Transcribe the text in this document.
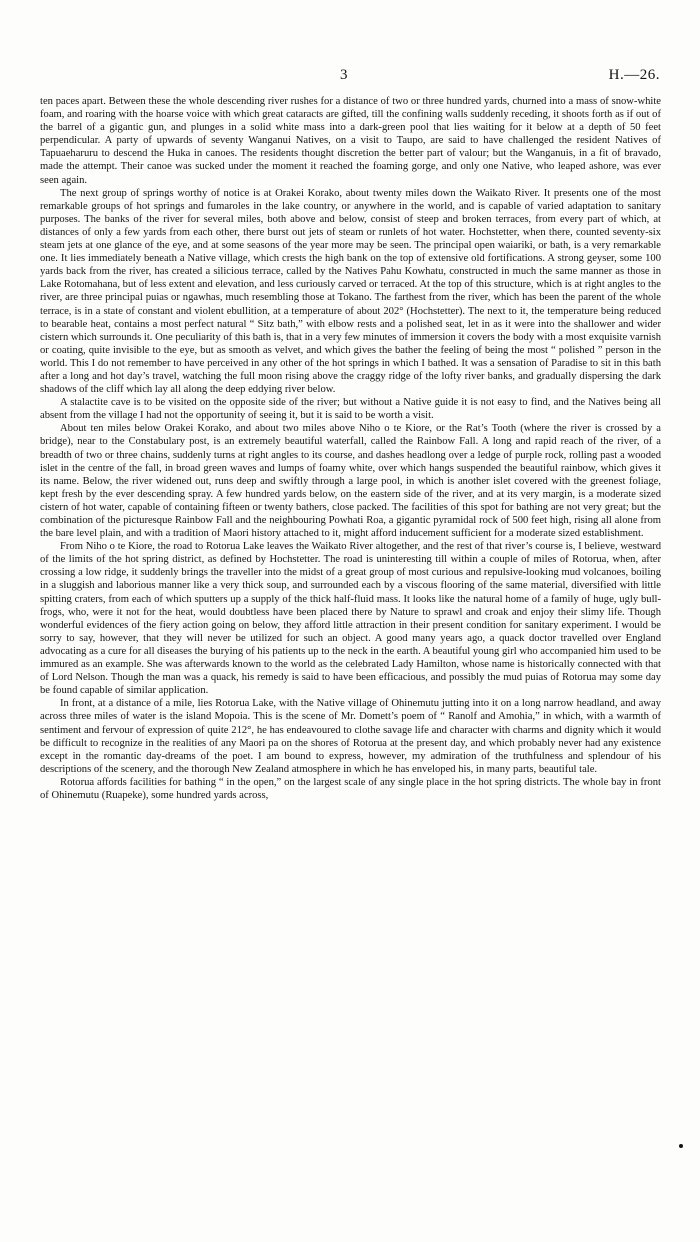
3	H.—26.

ten paces apart. Between these the whole descending river rushes for a distance of two or three hundred yards, churned into a mass of snow-white foam, and roaring with the hoarse voice with which great cataracts are gifted, till the confining walls suddenly receding, it shoots forth as if out of the barrel of a gigantic gun, and plunges in a solid white mass into a dark-green pool that lies waiting for it below at a depth of 50 feet perpendicular. A party of upwards of seventy Wanganui Natives, on a visit to Taupo, are said to have challenged the resident Natives of Tapuaeharuru to descend the Huka in canoes. The residents thought discretion the better part of valour; but the Wanganuis, in a fit of bravado, made the attempt. Their canoe was sucked under the moment it reached the foaming gorge, and only one Native, who leaped ashore, was ever seen again.

The next group of springs worthy of notice is at Orakei Korako, about twenty miles down the Waikato River. It presents one of the most remarkable groups of hot springs and fumaroles in the lake country, or anywhere in the world, and is capable of varied adaptation to sanitary purposes. The banks of the river for several miles, both above and below, consist of steep and broken terraces, from every part of which, at distances of only a few yards from each other, there burst out jets of steam or runlets of hot water. Hochstetter, when there, counted seventy-six steam jets at one glance of the eye, and at some seasons of the year more may be seen. The principal open waiariki, or bath, is a very remarkable one. It lies immediately beneath a Native village, which crests the high bank on the top of extensive old fortifications. A strong geyser, some 100 yards back from the river, has created a silicious terrace, called by the Natives Pahu Kowhatu, constructed in much the same manner as those in Lake Rotomahana, but of less extent and elevation, and less curiously carved or terraced. At the top of this structure, which is at right angles to the river, are three principal puias or ngawhas, much resembling those at Tokano. The farthest from the river, which has been the parent of the whole terrace, is in a state of constant and violent ebullition, at a temperature of about 202° (Hochstetter). The next to it, the temperature being reduced to bearable heat, contains a most perfect natural “ Sitz bath,” with elbow rests and a polished seat, let in as it were into the shallower and wider cistern which surrounds it. One peculiarity of this bath is, that in a very few minutes of immersion it covers the body with a most exquisite varnish or coating, quite invisible to the eye, but as smooth as velvet, and which gives the bather the feeling of being the most “ polished ” person in the world. This I do not remember to have perceived in any other of the hot springs in which I bathed. It was a sensation of Paradise to sit in this bath after a long and hot day’s travel, watching the full moon rising above the craggy ridge of the lofty river banks, and gradually dispersing the dark shadows of the cliff which lay all along the deep eddying river below.

A stalactite cave is to be visited on the opposite side of the river; but without a Native guide it is not easy to find, and the Natives being all absent from the village I had not the opportunity of seeing it, but it is said to be worth a visit.

About ten miles below Orakei Korako, and about two miles above Niho o te Kiore, or the Rat’s Tooth (where the river is crossed by a bridge), near to the Constabulary post, is an extremely beautiful waterfall, called the Rainbow Fall. A long and rapid reach of the river, of a breadth of two or three chains, suddenly turns at right angles to its course, and dashes headlong over a ledge of purple rock, rolling past a wooded islet in the centre of the fall, in broad green waves and lumps of foamy white, over which hangs suspended the beautiful rainbow, which gives it its name. Below, the river widened out, runs deep and swiftly through a large pool, in which is another islet covered with the greenest foliage, kept fresh by the ever descending spray. A few hundred yards below, on the eastern side of the river, and at its very margin, is a moderate sized cistern of hot water, capable of containing fifteen or twenty bathers, close packed. The facilities of this spot for bathing are not very great; but the combination of the picturesque Rainbow Fall and the neighbouring Powhati Roa, a gigantic pyramidal rock of 500 feet high, rising all alone from the bare level plain, and with a tradition of Maori history attached to it, might afford inducement sufficient for a moderate sized establishment.

From Niho o te Kiore, the road to Rotorua Lake leaves the Waikato River altogether, and the rest of that river’s course is, I believe, westward of the limits of the hot spring district, as defined by Hochstetter. The road is uninteresting till within a couple of miles of Rotorua, when, after crossing a low ridge, it suddenly brings the traveller into the midst of a great group of most curious and repulsive-looking mud volcanoes, boiling in a sluggish and laborious manner like a very thick soup, and surrounded each by a viscous flooring of the same material, diversified with little spitting craters, from each of which sputters up a supply of the thick half-fluid mass. It looks like the natural home of a family of huge, ugly bull-frogs, who, were it not for the heat, would doubtless have been placed there by Nature to sprawl and croak and enjoy their slimy life. Though wonderful evidences of the fiery action going on below, they afford little attraction in their present condition for sanitary experiment. I would be sorry to say, however, that they will never be utilized for such an object. A good many years ago, a quack doctor travelled over England advocating as a cure for all diseases the burying of his patients up to the neck in the earth. A beautiful young girl who accompanied him used to be immured as an example. She was afterwards known to the world as the celebrated Lady Hamilton, whose name is historically connected with that of Lord Nelson. Though the man was a quack, his remedy is said to have been efficacious, and possibly the mud puias of Rotorua may some day be found capable of similar application.

In front, at a distance of a mile, lies Rotorua Lake, with the Native village of Ohinemutu jutting into it on a long narrow headland, and away across three miles of water is the island Mopoia. This is the scene of Mr. Domett’s poem of “ Ranolf and Amohia,” in which, with a warmth of sentiment and fervour of expression of quite 212°, he has endeavoured to clothe savage life and character with charms and dignity which it would be difficult to recognize in the realities of any Maori pa on the shores of Rotorua at the present day, and which probably never had any existence except in the romantic day-dreams of the poet. I am bound to express, however, my admiration of the truthfulness and splendour of his descriptions of the scenery, and the thorough New Zealand atmosphere in which he has enveloped his, in many parts, beautiful tale.

Rotorua affords facilities for bathing “ in the open,” on the largest scale of any single place in the hot spring districts. The whole bay in front of Ohinemutu (Ruapeke), some hundred yards across,
